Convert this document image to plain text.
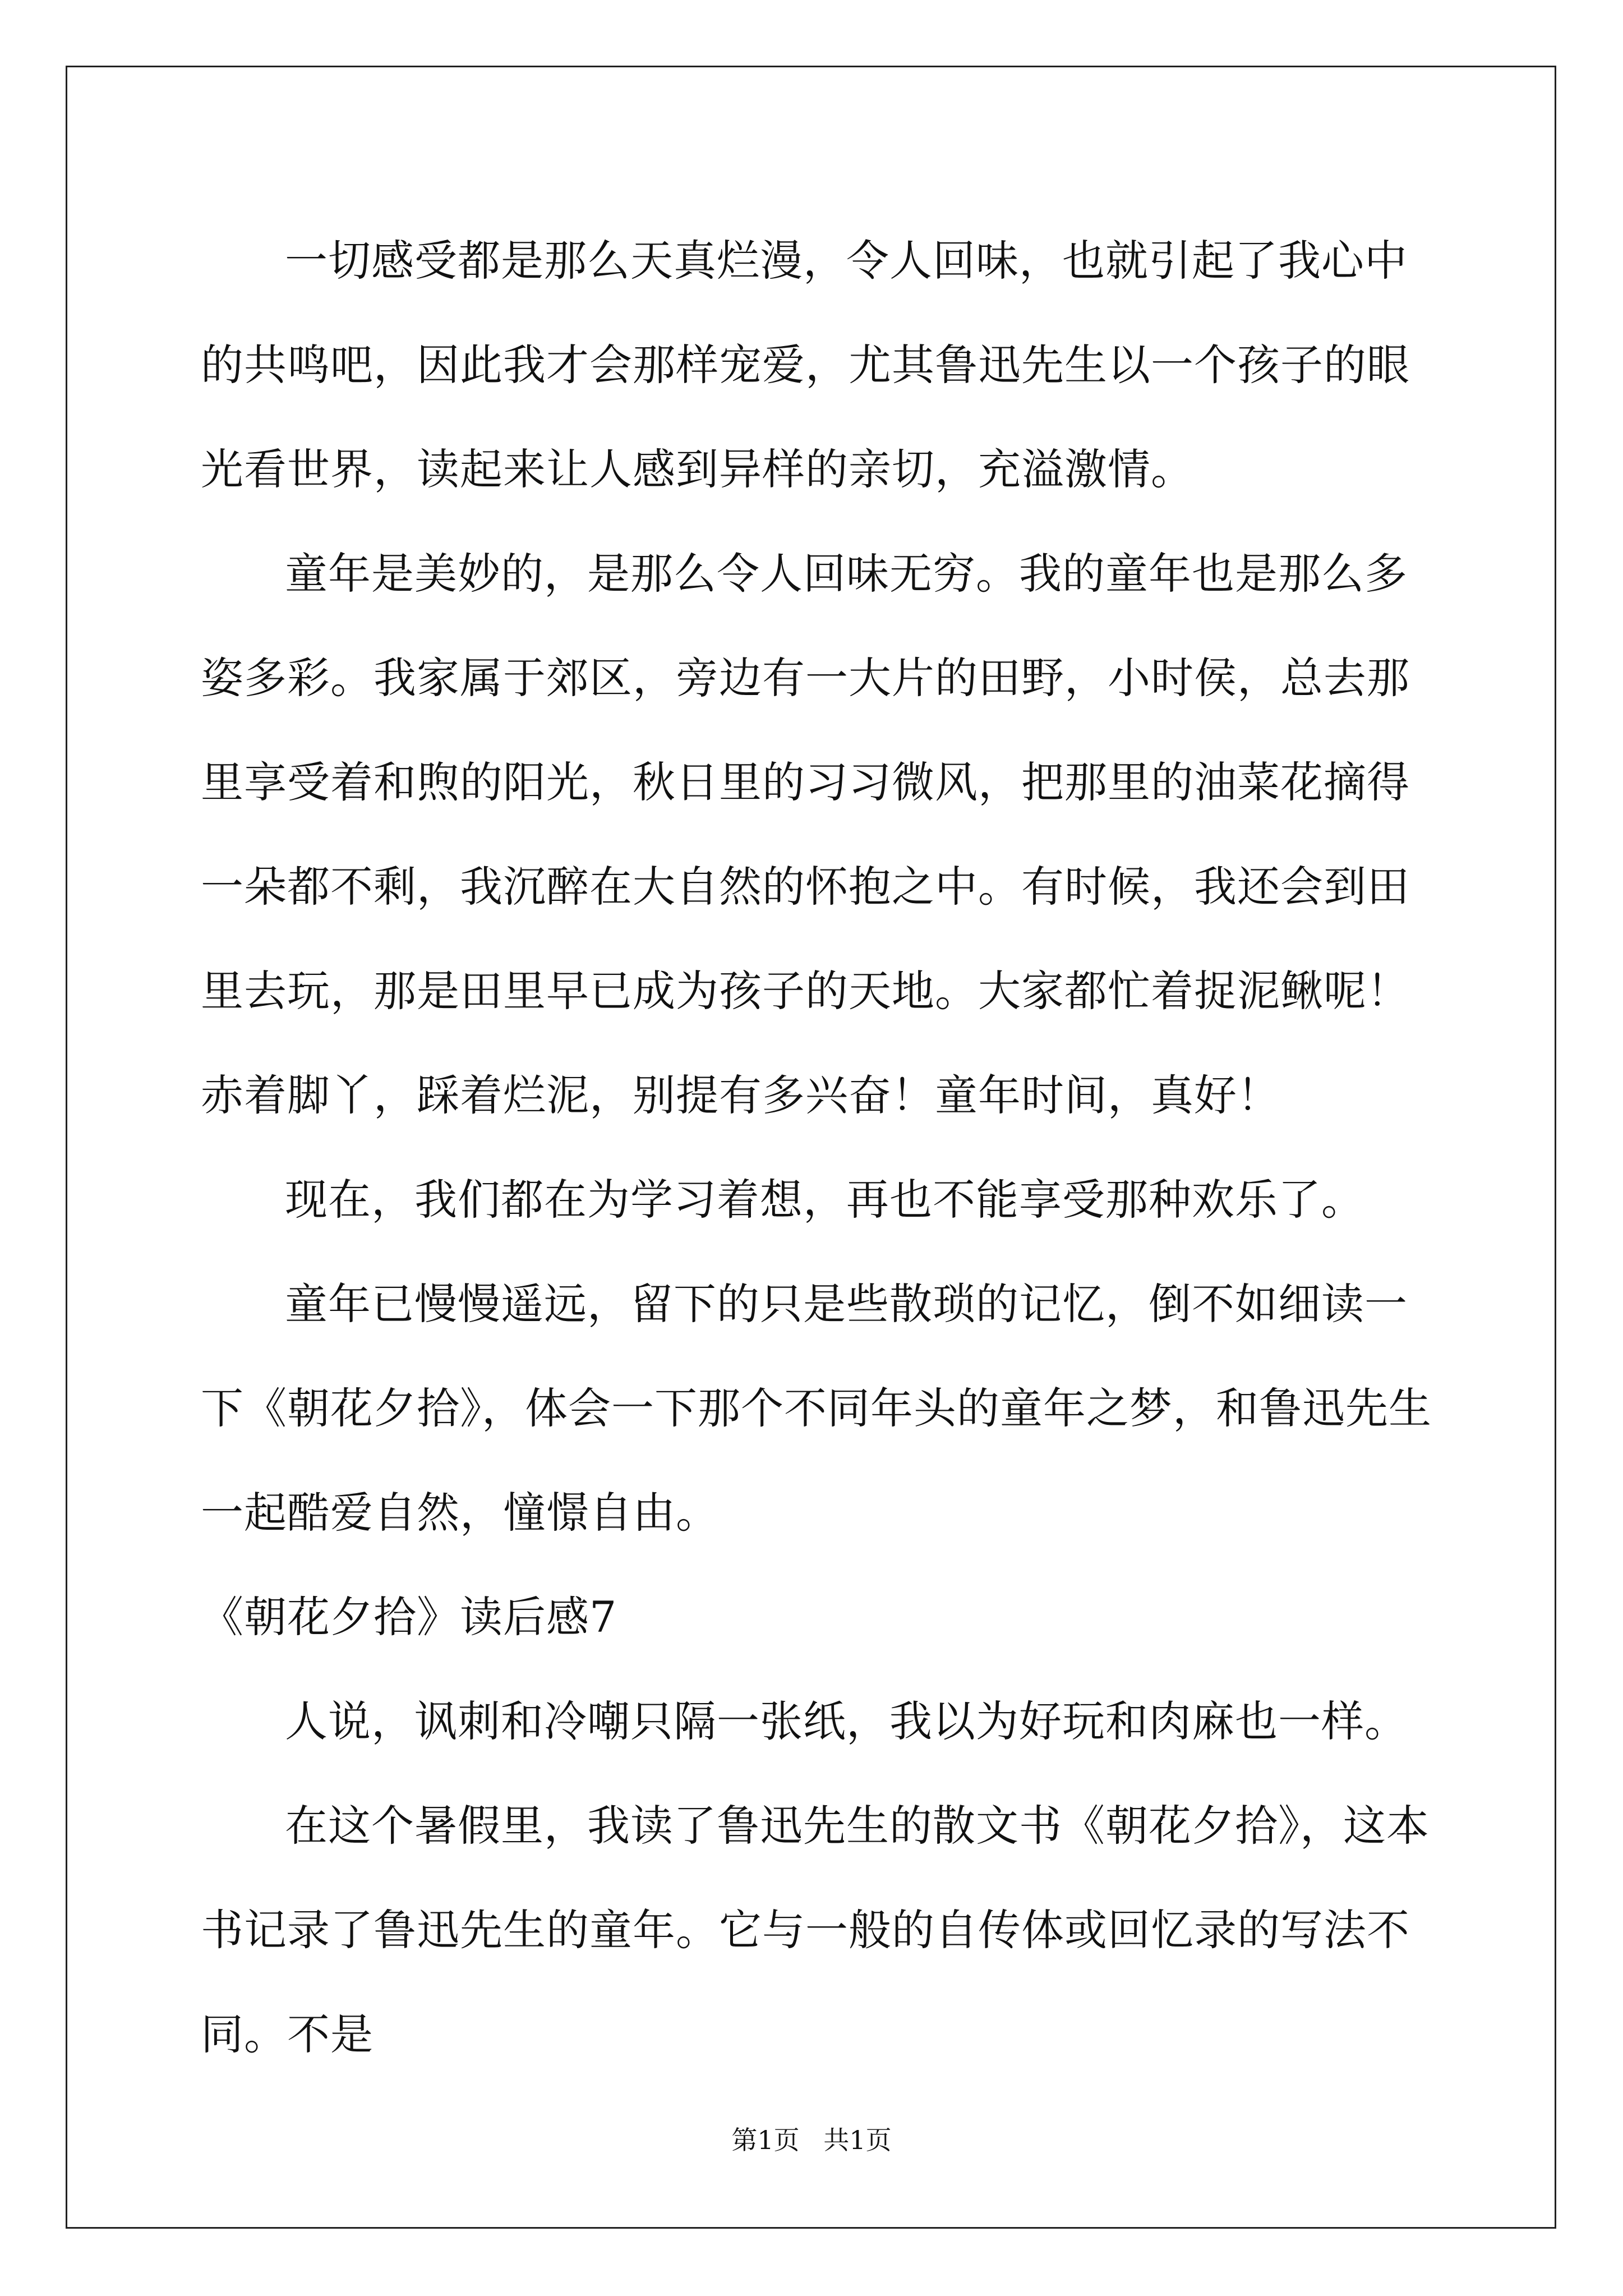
一切感受都是那么天真烂漫，令人回味，也就引起了我心中的共鸣吧，因此我才会那样宠爱，尤其鲁迅先生以一个孩子的眼光看世界，读起来让人感到异样的亲切，充溢激情。

童年是美妙的，是那么令人回味无穷。我的童年也是那么多姿多彩。我家属于郊区，旁边有一大片的田野，小时侯，总去那里享受着和煦的阳光，秋日里的习习微风，把那里的油菜花摘得一朵都不剩，我沉醉在大自然的怀抱之中。有时候，我还会到田里去玩，那是田里早已成为孩子的天地。大家都忙着捉泥鳅呢！赤着脚丫，踩着烂泥，别提有多兴奋！童年时间，真好！

现在，我们都在为学习着想，再也不能享受那种欢乐了。

童年已慢慢遥远，留下的只是些散琐的记忆，倒不如细读一下《朝花夕拾》，体会一下那个不同年头的童年之梦，和鲁迅先生一起酷爱自然，憧憬自由。

《朝花夕拾》读后感7

人说，讽刺和冷嘲只隔一张纸，我以为好玩和肉麻也一样。

在这个暑假里，我读了鲁迅先生的散文书《朝花夕拾》，这本书记录了鲁迅先生的童年。它与一般的自传体或回忆录的写法不同。不是

第1页 共1页
